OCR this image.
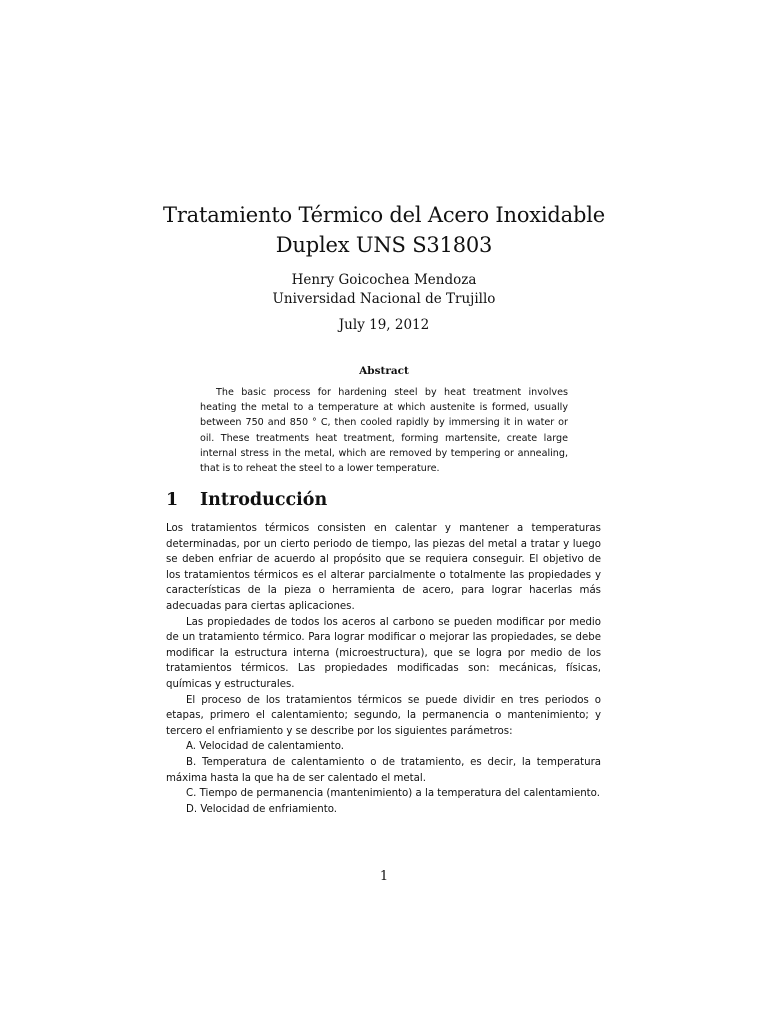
Tratamiento Térmico del Acero Inoxidable
Duplex UNS S31803
Henry Goicochea Mendoza
Universidad Nacional de Trujillo
July 19, 2012
Abstract
The basic process for hardening steel by heat treatment involves heating the metal to a temperature at which austenite is formed, usually between 750 and 850 ° C, then cooled rapidly by immersing it in water or oil. These treatments heat treatment, forming martensite, create large internal stress in the metal, which are removed by tempering or annealing, that is to reheat the steel to a lower temperature.
1 Introducción

Los tratamientos térmicos consisten en calentar y mantener a temperaturas determinadas, por un cierto periodo de tiempo, las piezas del metal a tratar y luego se deben enfriar de acuerdo al propósito que se requiera conseguir. El objetivo de los tratamientos térmicos es el alterar parcialmente o totalmente las propiedades y características de la pieza o herramienta de acero, para lograr hacerlas más adecuadas para ciertas aplicaciones.

Las propiedades de todos los aceros al carbono se pueden modificar por medio de un tratamiento térmico. Para lograr modificar o mejorar las propiedades, se debe modificar la estructura interna (microestructura), que se logra por medio de los tratamientos térmicos. Las propiedades modificadas son: mecánicas, físicas, químicas y estructurales.

El proceso de los tratamientos térmicos se puede dividir en tres periodos o etapas, primero el calentamiento; segundo, la permanencia o mantenimiento; y tercero el enfriamiento y se describe por los siguientes parámetros:

A. Velocidad de calentamiento.

B. Temperatura de calentamiento o de tratamiento, es decir, la temperatura máxima hasta la que ha de ser calentado el metal.

C. Tiempo de permanencia (mantenimiento) a la temperatura del calentamiento.

D. Velocidad de enfriamiento.

1
